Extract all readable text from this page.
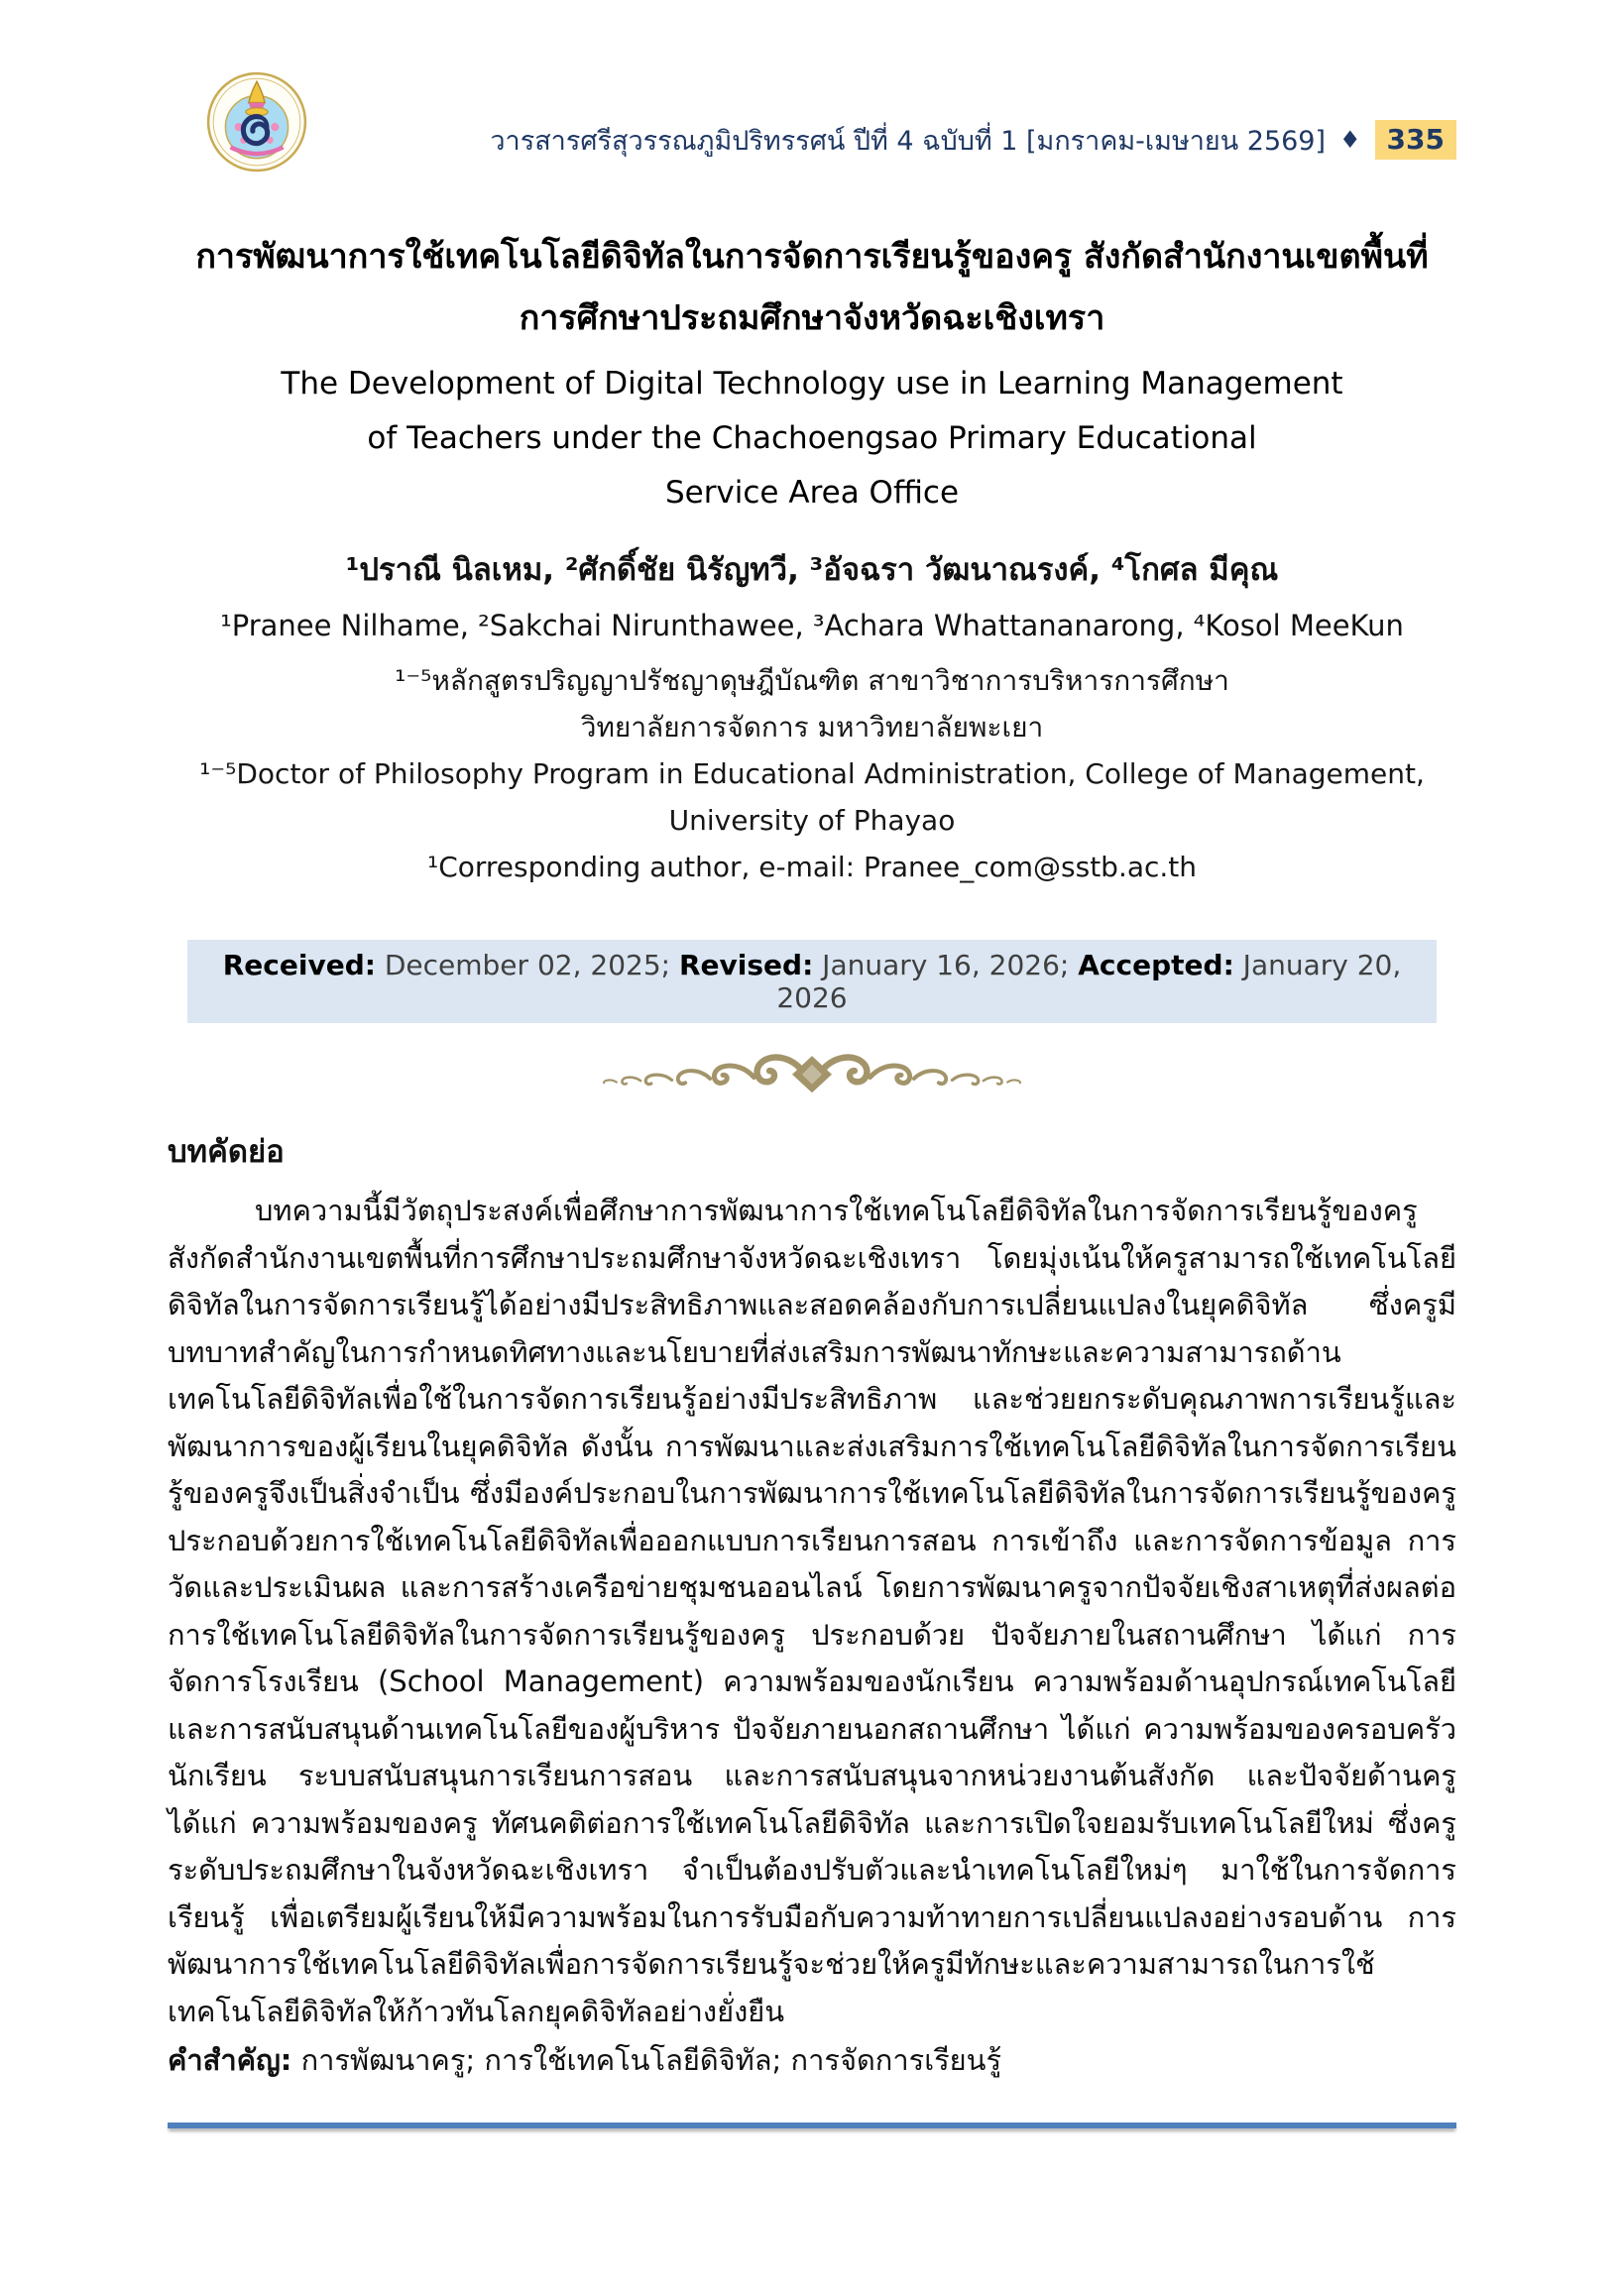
วารสารศรีสุวรรณภูมิปริทรรศน์ ปีที่ 4 ฉบับที่ 1 [มกราคม-เมษายน 2569] ♦ 335
การพัฒนาการใช้เทคโนโลยีดิจิทัลในการจัดการเรียนรู้ของครู สังกัดสำนักงานเขตพื้นที่
การศึกษาประถมศึกษาจังหวัดฉะเชิงเทรา
The Development of Digital Technology use in Learning Management
of Teachers under the Chachoengsao Primary Educational
Service Area Office
¹ปราณี นิลเหม, ²ศักดิ์ชัย นิรัญทวี, ³อัจฉรา วัฒนาณรงค์, ⁴โกศล มีคุณ
¹Pranee Nilhame, ²Sakchai Nirunthawee, ³Achara Whattananarong, ⁴Kosol MeeKun
¹⁻⁵หลักสูตรปริญญาปรัชญาดุษฎีบัณฑิต สาขาวิชาการบริหารการศึกษา
วิทยาลัยการจัดการ มหาวิทยาลัยพะเยา
¹⁻⁵Doctor of Philosophy Program in Educational Administration, College of Management,
University of Phayao
¹Corresponding author, e-mail: Pranee_com@sstb.ac.th
Received: December 02, 2025; Revised: January 16, 2026; Accepted: January 20, 2026
บทคัดย่อ
บทความนี้มีวัตถุประสงค์เพื่อศึกษาการพัฒนาการใช้เทคโนโลยีดิจิทัลในการจัดการเรียนรู้ของครูสังกัดสำนักงานเขตพื้นที่การศึกษาประถมศึกษาจังหวัดฉะเชิงเทรา โดยมุ่งเน้นให้ครูสามารถใช้เทคโนโลยีดิจิทัลในการจัดการเรียนรู้ได้อย่างมีประสิทธิภาพและสอดคล้องกับการเปลี่ยนแปลงในยุคดิจิทัล ซึ่งครูมีบทบาทสำคัญในการกำหนดทิศทางและนโยบายที่ส่งเสริมการพัฒนาทักษะและความสามารถด้านเทคโนโลยีดิจิทัลเพื่อใช้ในการจัดการเรียนรู้อย่างมีประสิทธิภาพ และช่วยยกระดับคุณภาพการเรียนรู้และพัฒนาการของผู้เรียนในยุคดิจิทัล ดังนั้น การพัฒนาและส่งเสริมการใช้เทคโนโลยีดิจิทัลในการจัดการเรียนรู้ของครูจึงเป็นสิ่งจำเป็น ซึ่งมีองค์ประกอบในการพัฒนาการใช้เทคโนโลยีดิจิทัลในการจัดการเรียนรู้ของครู ประกอบด้วยการใช้เทคโนโลยีดิจิทัลเพื่อออกแบบการเรียนการสอน การเข้าถึง และการจัดการข้อมูล การวัดและประเมินผล และการสร้างเครือข่ายชุมชนออนไลน์ โดยการพัฒนาครูจากปัจจัยเชิงสาเหตุที่ส่งผลต่อการใช้เทคโนโลยีดิจิทัลในการจัดการเรียนรู้ของครู ประกอบด้วย ปัจจัยภายในสถานศึกษา ได้แก่ การจัดการโรงเรียน (School Management) ความพร้อมของนักเรียน ความพร้อมด้านอุปกรณ์เทคโนโลยี และการสนับสนุนด้านเทคโนโลยีของผู้บริหาร ปัจจัยภายนอกสถานศึกษา ได้แก่ ความพร้อมของครอบครัวนักเรียน ระบบสนับสนุนการเรียนการสอน และการสนับสนุนจากหน่วยงานต้นสังกัด และปัจจัยด้านครู ได้แก่ ความพร้อมของครู ทัศนคติต่อการใช้เทคโนโลยีดิจิทัล และการเปิดใจยอมรับเทคโนโลยีใหม่ ซึ่งครูระดับประถมศึกษาในจังหวัดฉะเชิงเทรา จำเป็นต้องปรับตัวและนำเทคโนโลยีใหม่ๆ มาใช้ในการจัดการเรียนรู้ เพื่อเตรียมผู้เรียนให้มีความพร้อมในการรับมือกับความท้าทายการเปลี่ยนแปลงอย่างรอบด้าน การพัฒนาการใช้เทคโนโลยีดิจิทัลเพื่อการจัดการเรียนรู้จะช่วยให้ครูมีทักษะและความสามารถในการใช้เทคโนโลยีดิจิทัลให้ก้าวทันโลกยุคดิจิทัลอย่างยั่งยืน
คำสำคัญ: การพัฒนาครู; การใช้เทคโนโลยีดิจิทัล; การจัดการเรียนรู้
